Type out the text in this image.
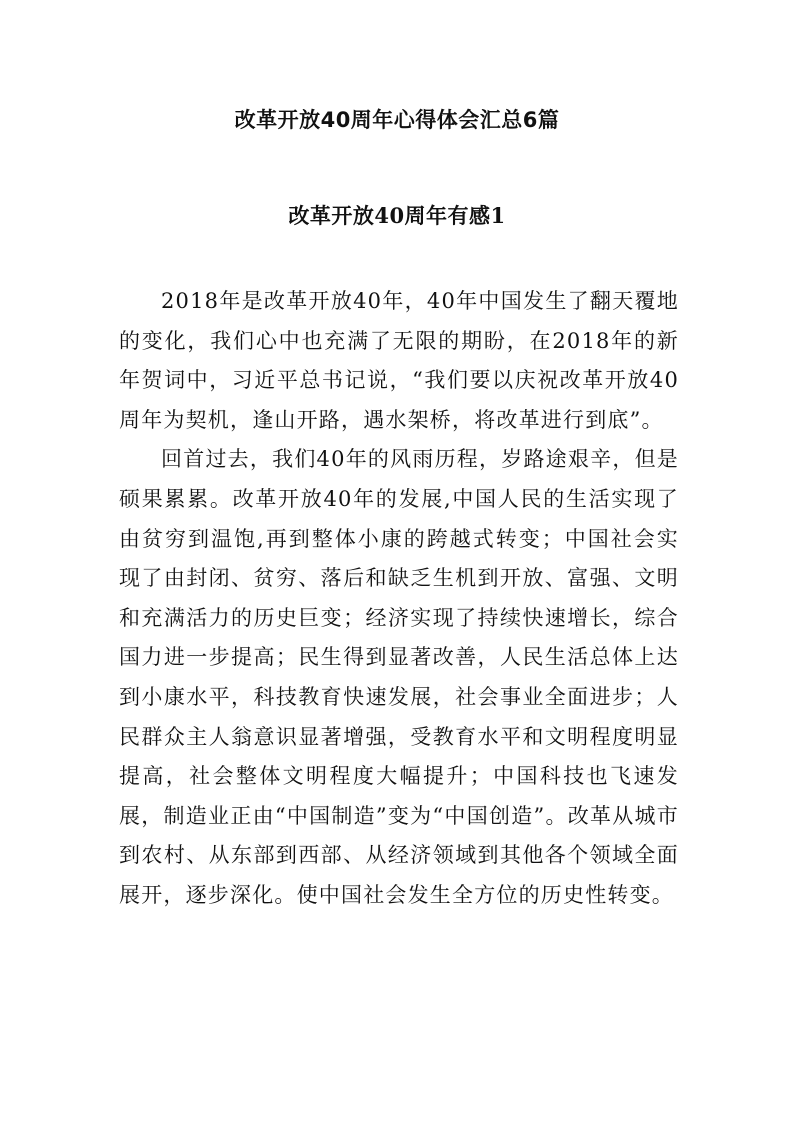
改革开放40周年心得体会汇总6篇
改革开放40周年有感1

2018年是改革开放40年，40年中国发生了翻天覆地的变化，我们心中也充满了无限的期盼，在2018年的新年贺词中，习近平总书记说，“我们要以庆祝改革开放40周年为契机，逢山开路，遇水架桥，将改革进行到底”。

回首过去，我们40年的风雨历程，岁路途艰辛，但是硕果累累。改革开放40年的发展,中国人民的生活实现了由贫穷到温饱,再到整体小康的跨越式转变；中国社会实现了由封闭、贫穷、落后和缺乏生机到开放、富强、文明和充满活力的历史巨变；经济实现了持续快速增长，综合国力进一步提高；民生得到显著改善，人民生活总体上达到小康水平，科技教育快速发展，社会事业全面进步；人民群众主人翁意识显著增强，受教育水平和文明程度明显提高，社会整体文明程度大幅提升；中国科技也飞速发展，制造业正由“中国制造”变为“中国创造”。改革从城市到农村、从东部到西部、从经济领域到其他各个领域全面展开，逐步深化。使中国社会发生全方位的历史性转变。
